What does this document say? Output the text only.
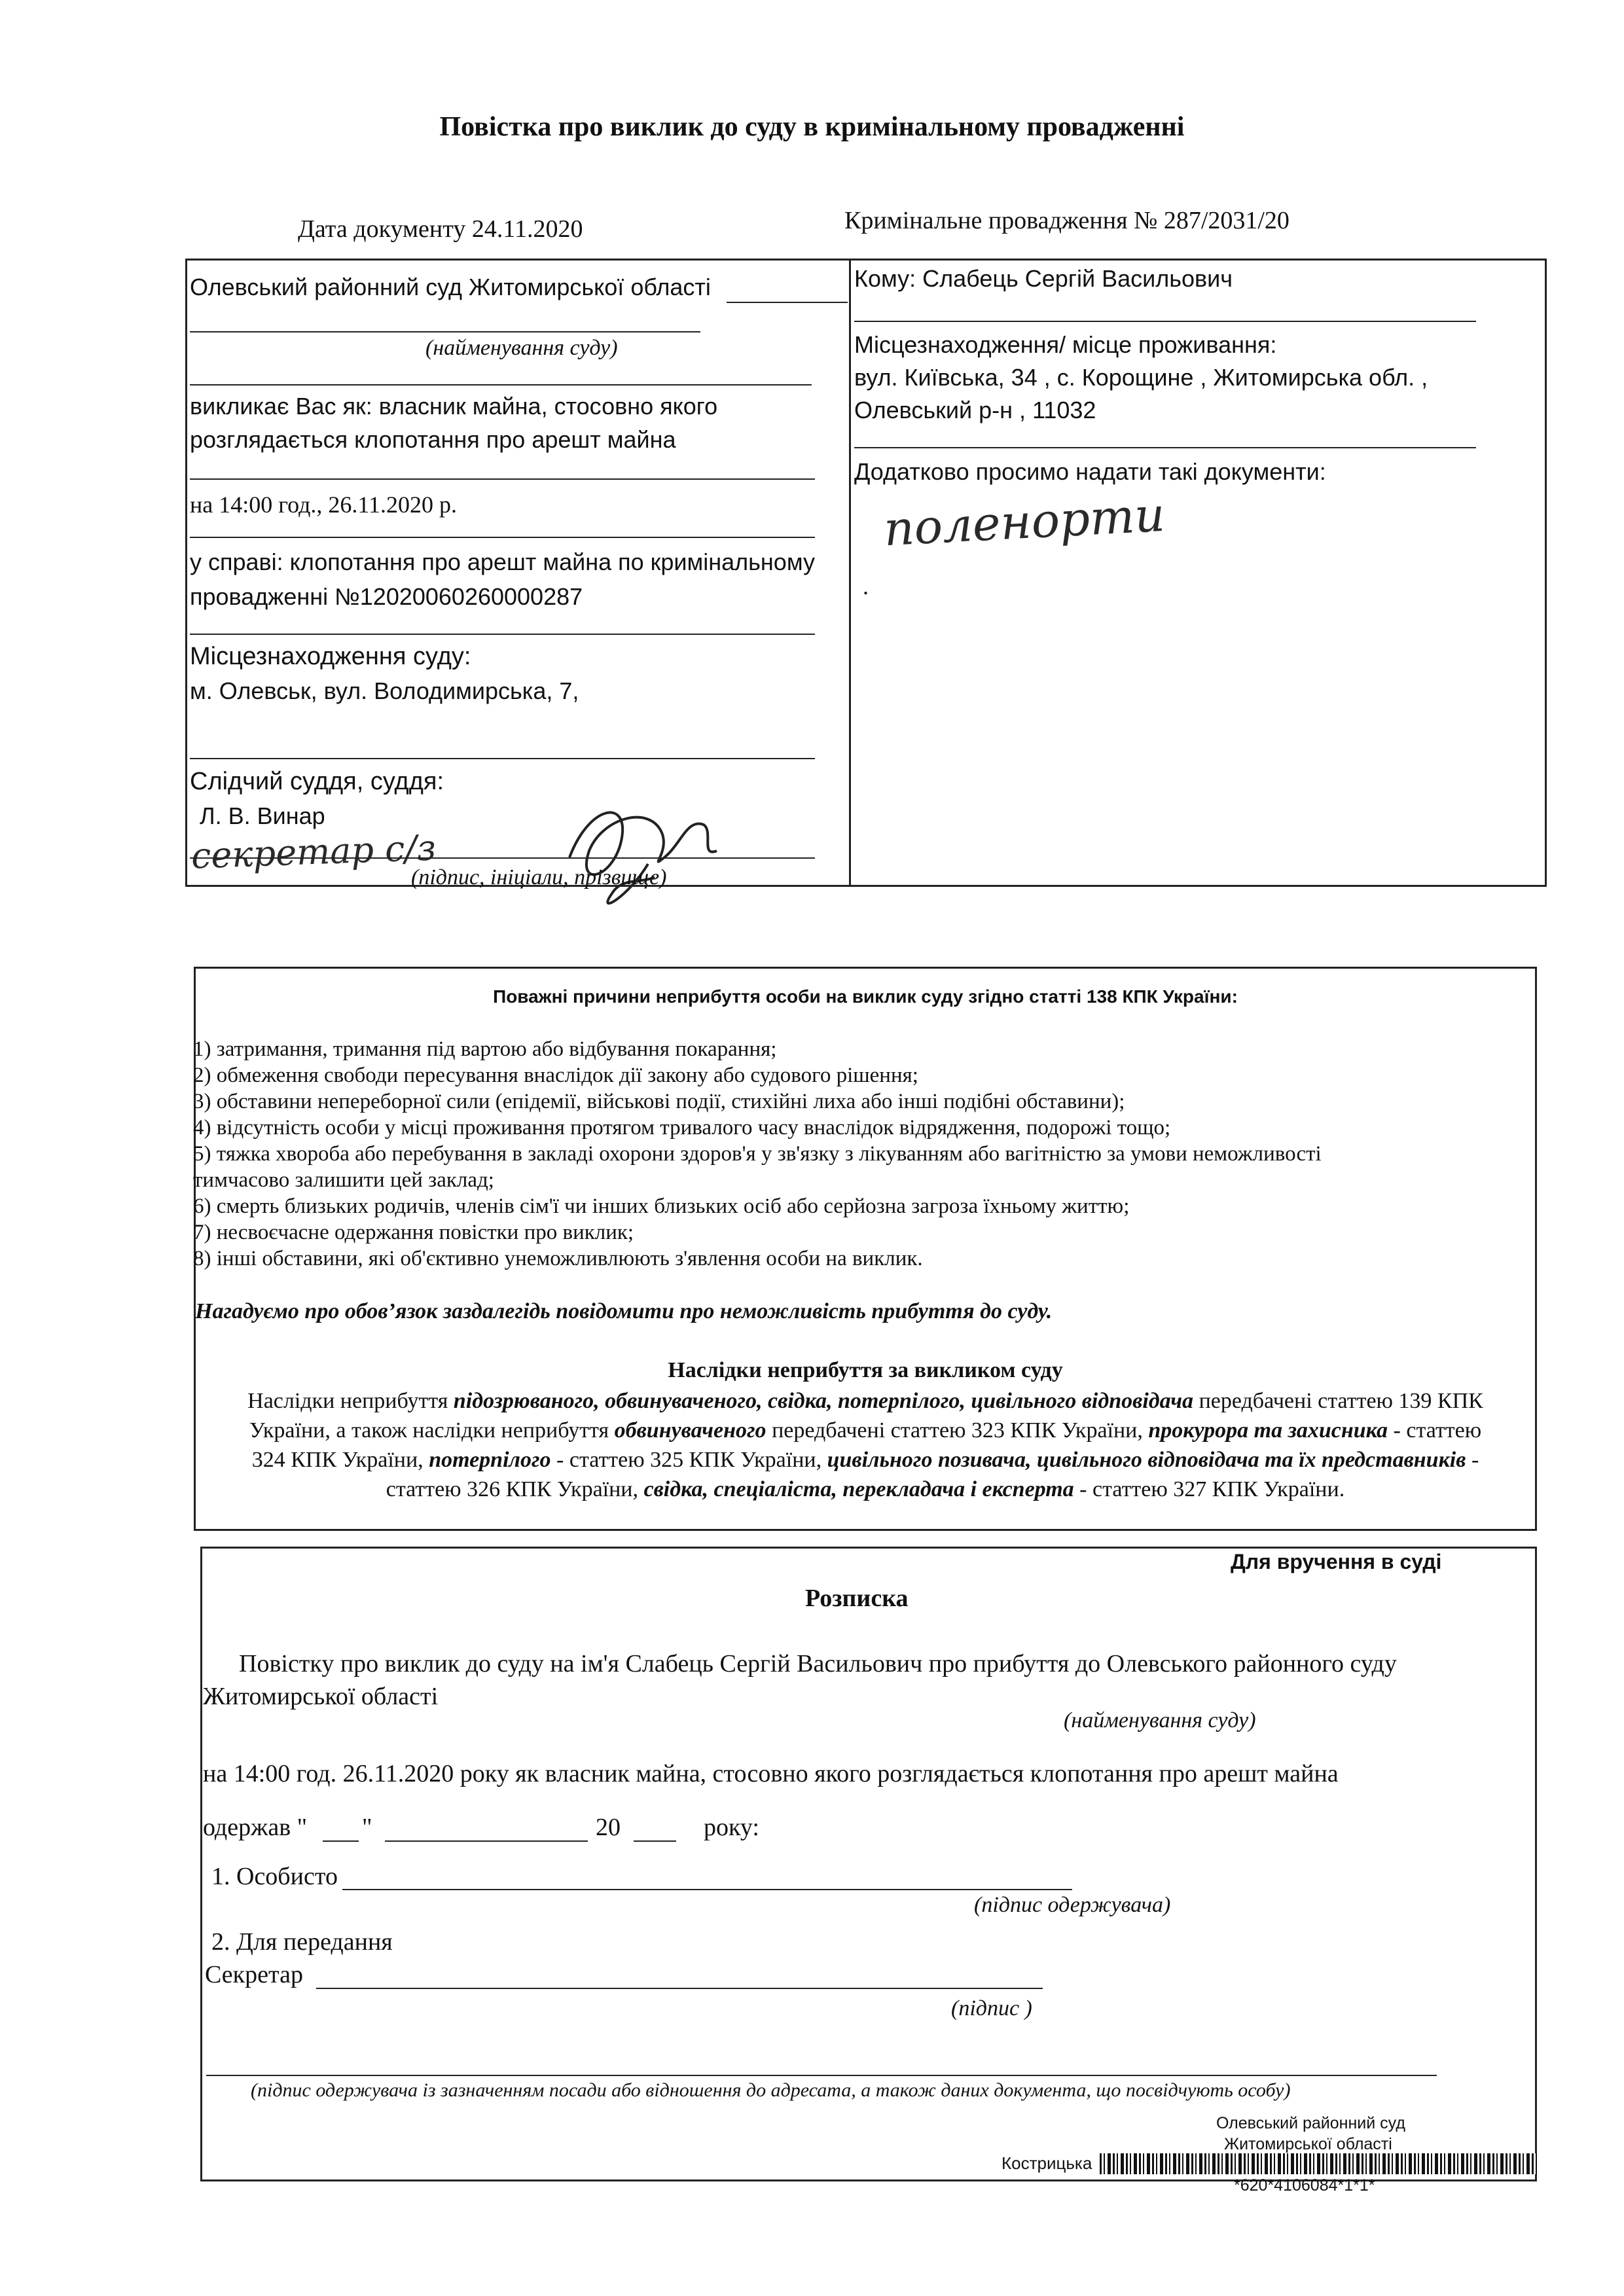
Повістка про виклик до суду в кримінальному провадженні
Дата документу 24.11.2020	Кримінальне провадження № 287/2031/20
Олевський районний суд Житомирської області
(найменування суду)
викликає Вас як: власник майна, стосовно якого
розглядається клопотання про арешт майна
на 14:00 год., 26.11.2020 р.
у справі: клопотання про арешт майна по кримінальному
провадженні №12020060260000287
Місцезнаходження суду:
м. Олевськ, вул. Володимирська, 7,
Слідчий суддя, суддя:
Л. В. Винар
секретар с/з
(підпис, ініціали, прізвище)
Кому: Слабець Сергій Васильович
Місцезнаходження/ місце проживання:
вул. Київська, 34 , с. Корощине , Житомирська обл. ,
Олевський р-н , 11032
Додатково просимо надати такі документи:
поленорти
.
Поважні причини неприбуття особи на виклик суду згідно статті 138 КПК України:
1) затримання, тримання під вартою або відбування покарання;
2) обмеження свободи пересування внаслідок дії закону або судового рішення;
3) обставини непереборної сили (епідемії, військові події, стихійні лиха або інші подібні обставини);
4) відсутність особи у місці проживання протягом тривалого часу внаслідок відрядження, подорожі тощо;
5) тяжка хвороба або перебування в закладі охорони здоров'я у зв'язку з лікуванням або вагітністю за умови неможливості
тимчасово залишити цей заклад;
6) смерть близьких родичів, членів сім'ї чи інших близьких осіб або серйозна загроза їхньому життю;
7) несвоєчасне одержання повістки про виклик;
8) інші обставини, які об'єктивно унеможливлюють з'явлення особи на виклик.
Нагадуємо про обов’язок заздалегідь повідомити про неможливість прибуття до суду.
Наслідки неприбуття за викликом суду
Наслідки неприбуття підозрюваного, обвинуваченого, свідка, потерпілого, цивільного відповідача передбачені статтею 139 КПК
України, а також наслідки неприбуття обвинуваченого передбачені статтею 323 КПК України, прокурора та захисника - статтею
324 КПК України, потерпілого - статтею 325 КПК України, цивільного позивача, цивільного відповідача та їх представників -
статтею 326 КПК України, свідка, спеціаліста, перекладача і експерта - статтею 327 КПК України.
Для вручення в суді
Розписка
Повістку про виклик до суду на ім'я Слабець Сергій Васильович про прибуття до Олевського районного суду
Житомирської області
(найменування суду)
на 14:00 год. 26.11.2020 року як власник майна, стосовно якого розглядається клопотання про арешт майна
одержав " "	20	року:
1. Особисто
(підпис одержувача)
2. Для передання
Секретар
(підпис )
(підпис одержувача із зазначенням посади або відношення до адресата, а також даних документа, що посвідчують особу)
Олевський районний суд
Житомирської області
Кострицька
*620*4106084*1*1*
